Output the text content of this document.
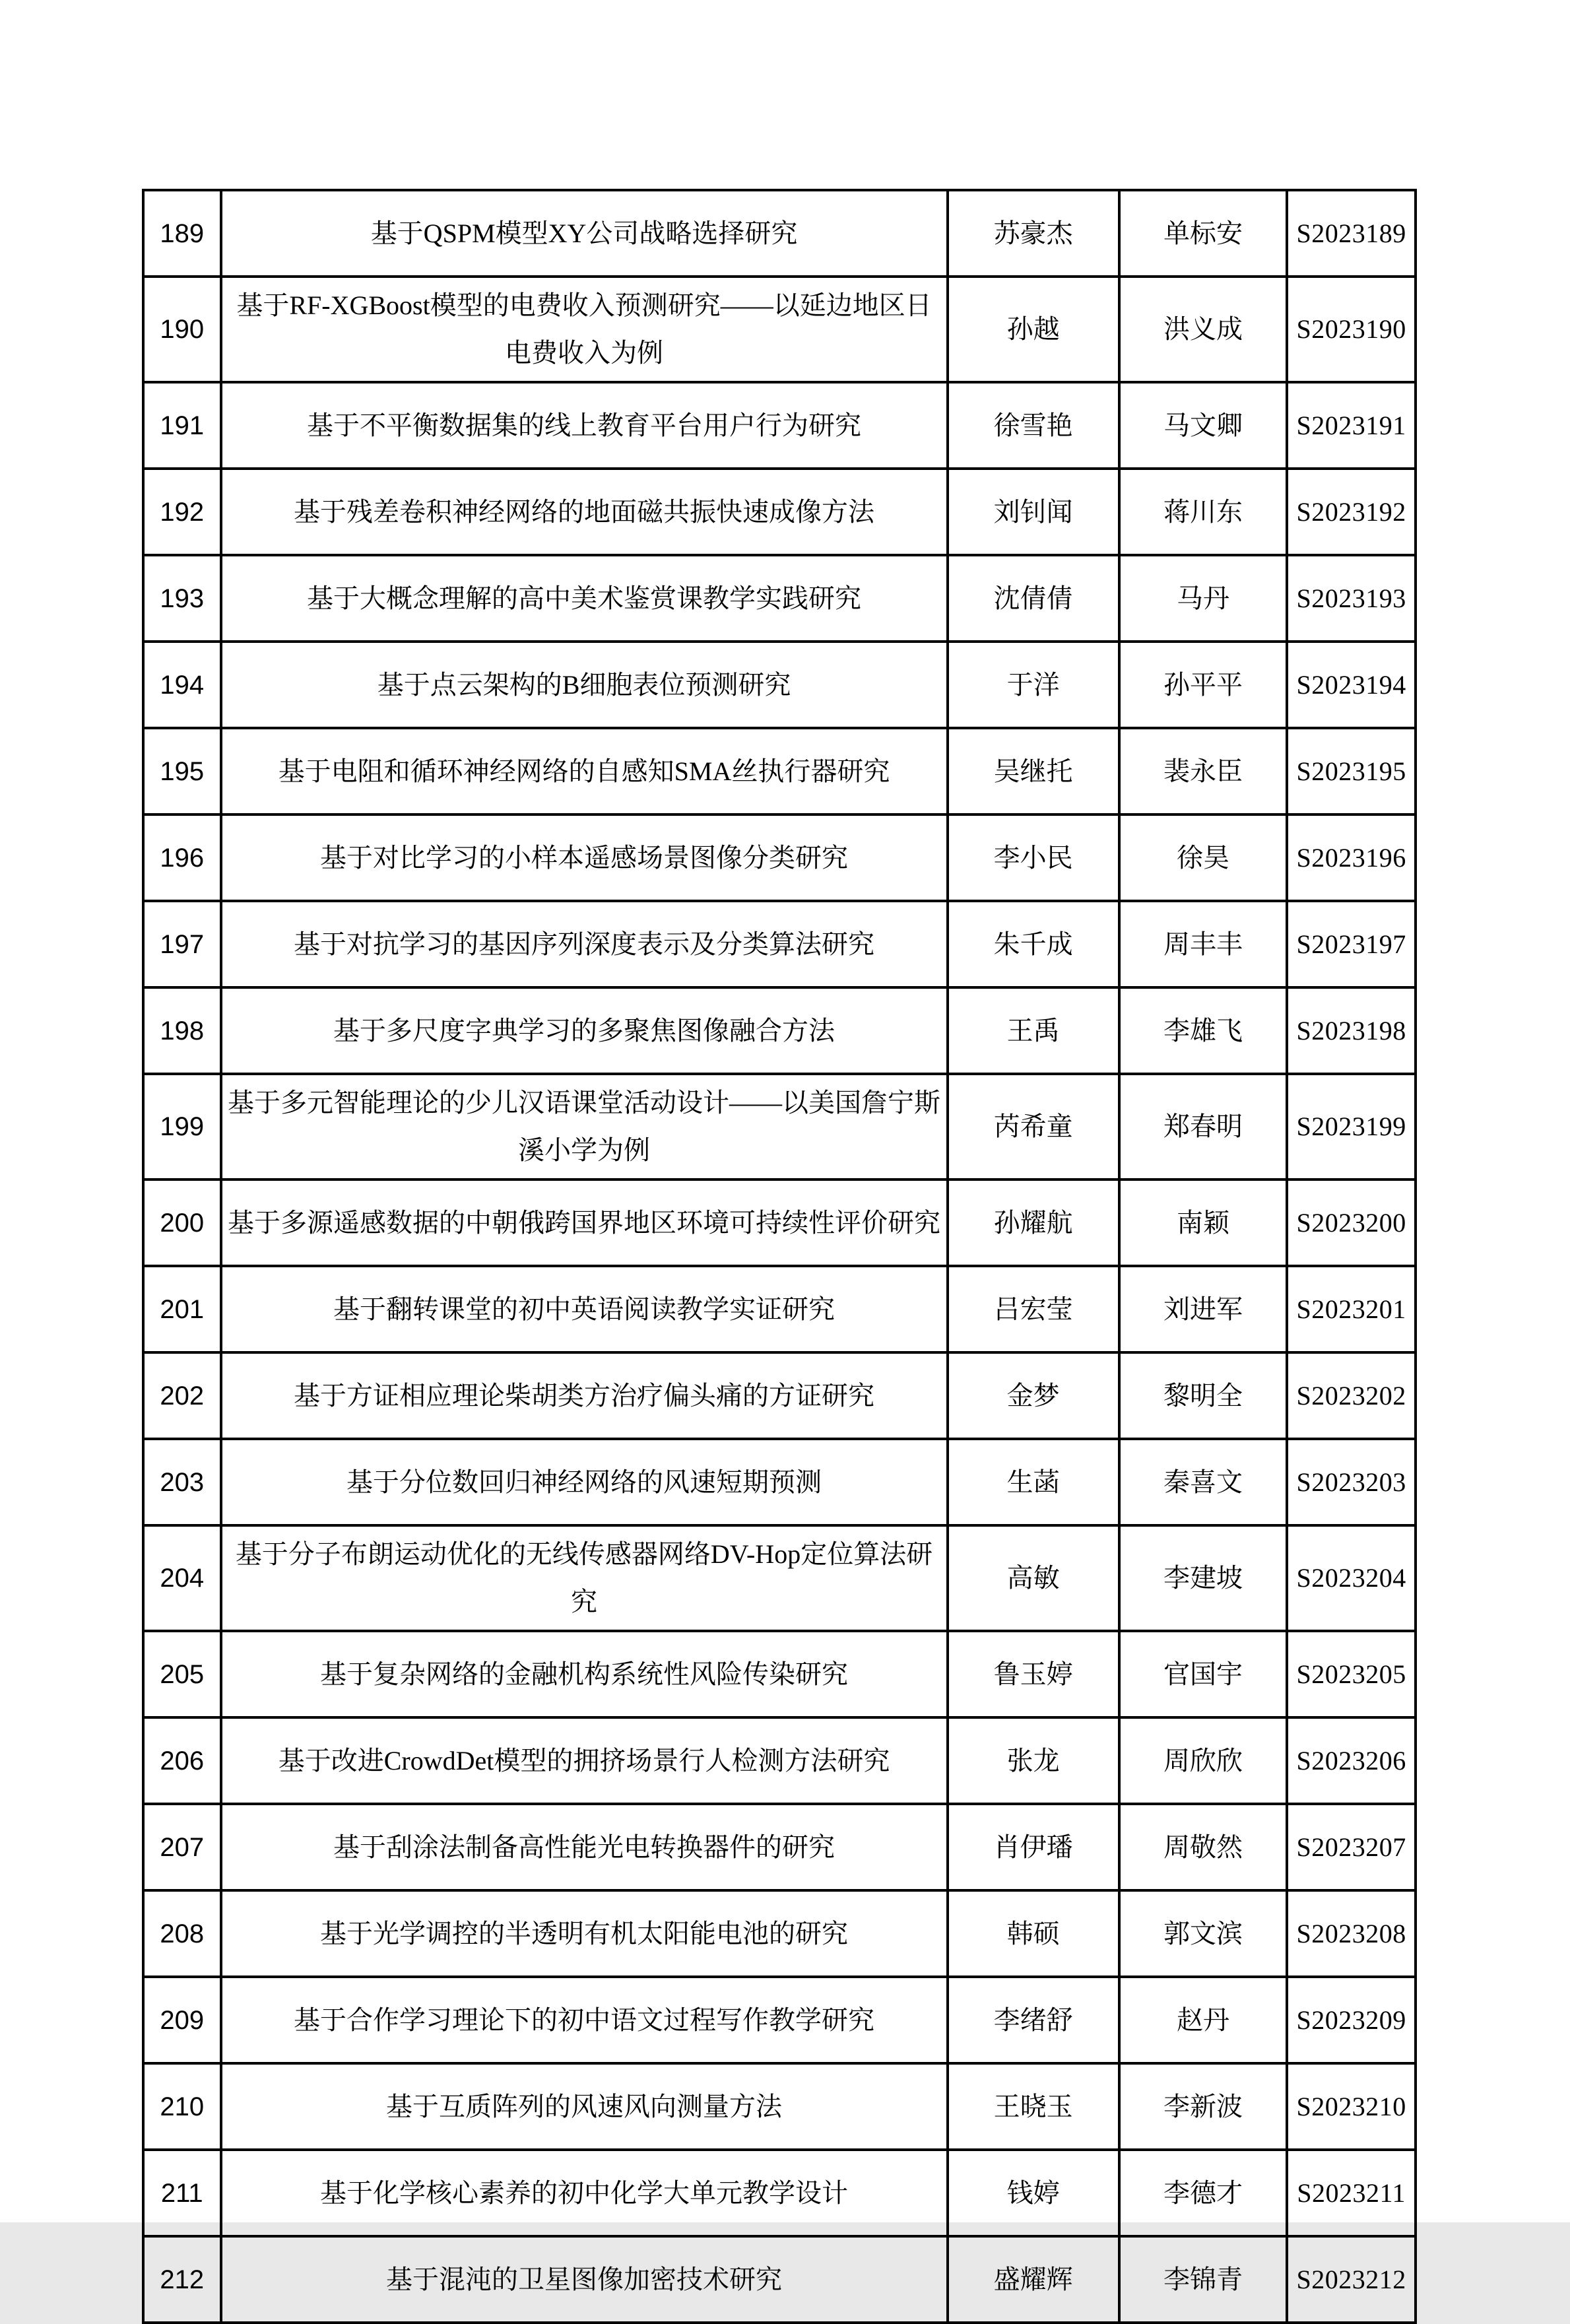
189	基于QSPM模型XY公司战略选择研究	苏豪杰	单标安	S2023189
190	基于RF-XGBoost模型的电费收入预测研究——以延边地区日电费收入为例	孙越	洪义成	S2023190
191	基于不平衡数据集的线上教育平台用户行为研究	徐雪艳	马文卿	S2023191
192	基于残差卷积神经网络的地面磁共振快速成像方法	刘钊闻	蒋川东	S2023192
193	基于大概念理解的高中美术鉴赏课教学实践研究	沈倩倩	马丹	S2023193
194	基于点云架构的B细胞表位预测研究	于洋	孙平平	S2023194
195	基于电阻和循环神经网络的自感知SMA丝执行器研究	吴继托	裴永臣	S2023195
196	基于对比学习的小样本遥感场景图像分类研究	李小民	徐昊	S2023196
197	基于对抗学习的基因序列深度表示及分类算法研究	朱千成	周丰丰	S2023197
198	基于多尺度字典学习的多聚焦图像融合方法	王禹	李雄飞	S2023198
199	基于多元智能理论的少儿汉语课堂活动设计——以美国詹宁斯溪小学为例	芮希童	郑春明	S2023199
200	基于多源遥感数据的中朝俄跨国界地区环境可持续性评价研究	孙耀航	南颖	S2023200
201	基于翻转课堂的初中英语阅读教学实证研究	吕宏莹	刘进军	S2023201
202	基于方证相应理论柴胡类方治疗偏头痛的方证研究	金梦	黎明全	S2023202
203	基于分位数回归神经网络的风速短期预测	生菡	秦喜文	S2023203
204	基于分子布朗运动优化的无线传感器网络DV-Hop定位算法研究	高敏	李建坡	S2023204
205	基于复杂网络的金融机构系统性风险传染研究	鲁玉婷	官国宇	S2023205
206	基于改进CrowdDet模型的拥挤场景行人检测方法研究	张龙	周欣欣	S2023206
207	基于刮涂法制备高性能光电转换器件的研究	肖伊璠	周敬然	S2023207
208	基于光学调控的半透明有机太阳能电池的研究	韩硕	郭文滨	S2023208
209	基于合作学习理论下的初中语文过程写作教学研究	李绪舒	赵丹	S2023209
210	基于互质阵列的风速风向测量方法	王晓玉	李新波	S2023210
211	基于化学核心素养的初中化学大单元教学设计	钱婷	李德才	S2023211
212	基于混沌的卫星图像加密技术研究	盛耀辉	李锦青	S2023212
